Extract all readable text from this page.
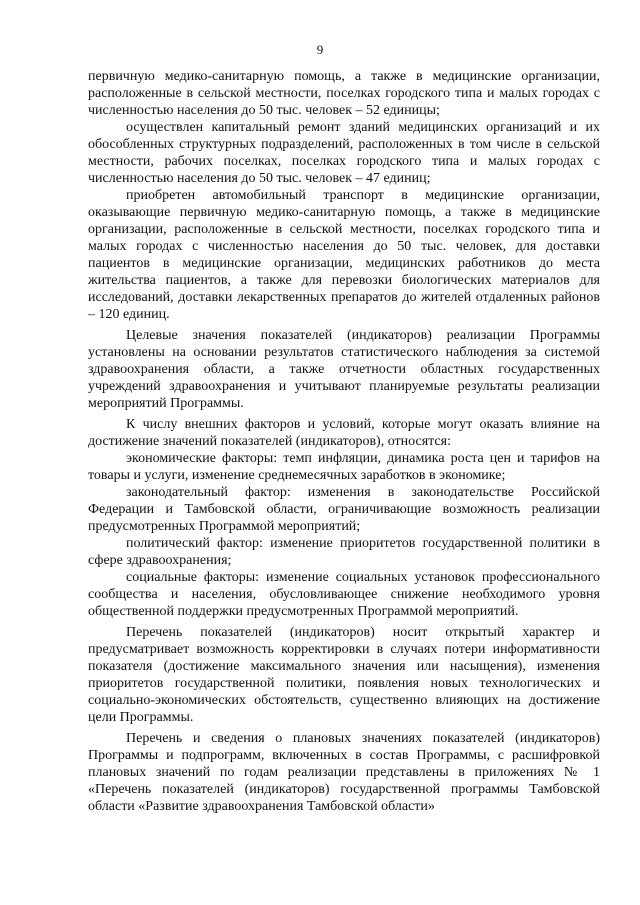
9

первичную медико-санитарную помощь, а также в медицинские организации, расположенные в сельской местности, поселках городского типа и малых городах с численностью населения до 50 тыс. человек – 52 единицы;

осуществлен капитальный ремонт зданий медицинских организаций и их обособленных структурных подразделений, расположенных в том числе в сельской местности, рабочих поселках, поселках городского типа и малых городах с численностью населения до 50 тыс. человек – 47 единиц;

приобретен автомобильный транспорт в медицинские организации, оказывающие первичную медико-санитарную помощь, а также в медицинские организации, расположенные в сельской местности, поселках городского типа и малых городах с численностью населения до 50 тыс. человек, для доставки пациентов в медицинские организации, медицинских работников до места жительства пациентов, а также для перевозки биологических материалов для исследований, доставки лекарственных препаратов до жителей отдаленных районов – 120 единиц.

Целевые значения показателей (индикаторов) реализации Программы установлены на основании результатов статистического наблюдения за системой здравоохранения области, а также отчетности областных государственных учреждений здравоохранения и учитывают планируемые результаты реализации мероприятий Программы.

К числу внешних факторов и условий, которые могут оказать влияние на достижение значений показателей (индикаторов), относятся:

экономические факторы: темп инфляции, динамика роста цен и тарифов на товары и услуги, изменение среднемесячных заработков в экономике;

законодательный фактор: изменения в законодательстве Российской Федерации и Тамбовской области, ограничивающие возможность реализации предусмотренных Программой мероприятий;

политический фактор: изменение приоритетов государственной политики в сфере здравоохранения;

социальные факторы: изменение социальных установок профессионального сообщества и населения, обусловливающее снижение необходимого уровня общественной поддержки предусмотренных Программой мероприятий.

Перечень показателей (индикаторов) носит открытый характер и предусматривает возможность корректировки в случаях потери информативности показателя (достижение максимального значения или насыщения), изменения приоритетов государственной политики, появления новых технологических и социально-экономических обстоятельств, существенно влияющих на достижение цели Программы.

Перечень и сведения о плановых значениях показателей (индикаторов) Программы и подпрограмм, включенных в состав Программы, с расшифровкой плановых значений по годам реализации представлены в приложениях № 1 «Перечень показателей (индикаторов) государственной программы Тамбовской области «Развитие здравоохранения Тамбовской области»
